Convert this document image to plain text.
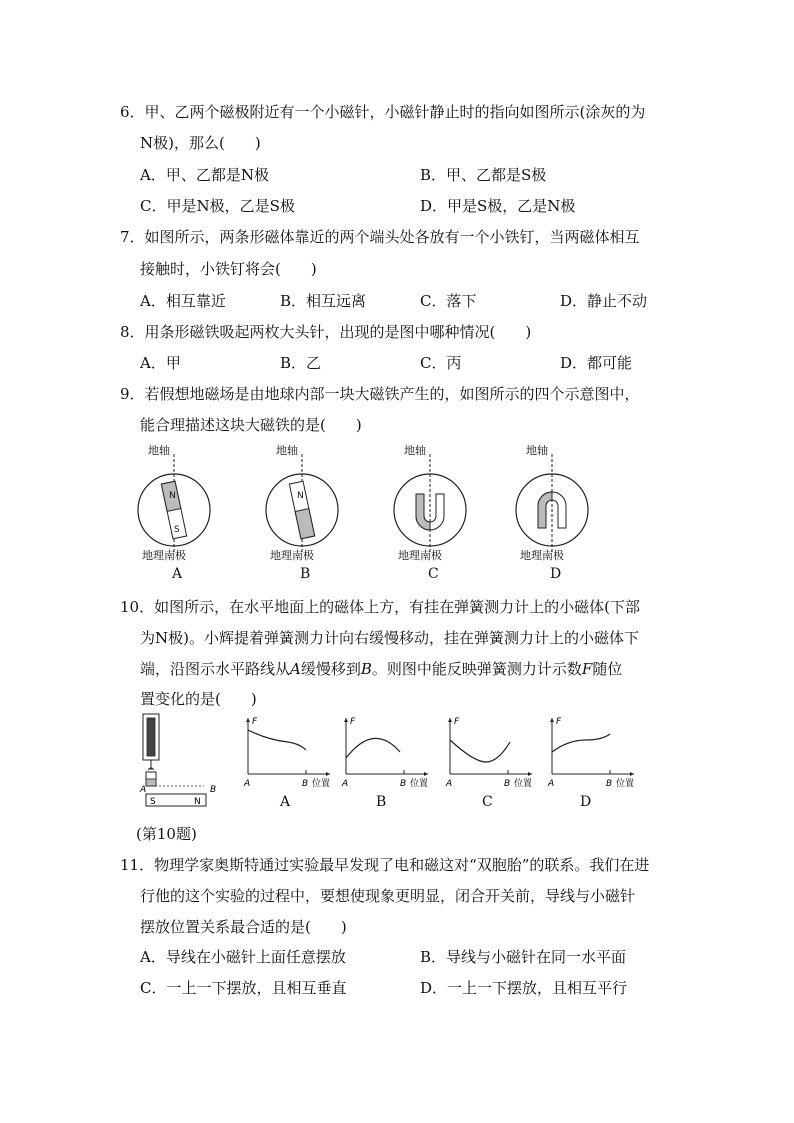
6．甲、乙两个磁极附近有一个小磁针，小磁针静止时的指向如图所示(涂灰的为
N极)，那么(　　)
A．甲、乙都是N极	B．甲、乙都是S极
C．甲是N极，乙是S极	D．甲是S极，乙是N极
7．如图所示，两条形磁体靠近的两个端头处各放有一个小铁钉，当两磁体相互
接触时，小铁钉将会(　　)
A．相互靠近	B．相互远离	C．落下	D．静止不动
8．用条形磁铁吸起两枚大头针，出现的是图中哪种情况(　　)
A．甲	B．乙	C．丙	D．都可能
9．若假想地磁场是由地球内部一块大磁铁产生的，如图所示的四个示意图中，
能合理描述这块大磁铁的是(　　)
地轴
N
S
地理南极
A
地轴
N
地理南极
B
地轴
地理南极
C
地轴
地理南极
D
10．如图所示，在水平地面上的磁体上方，有挂在弹簧测力计上的小磁体(下部
为N极)。小辉提着弹簧测力计向右缓慢移动，挂在弹簧测力计上的小磁体下
端，沿图示水平路线从A缓慢移到B。则图中能反映弹簧测力计示数F随位
置变化的是(　　)
A	B
S	N
F
A	B 位置
A
F
A	B 位置
B
F
A	B 位置
C
F
A	B 位置
D
(第10题)
11．物理学家奥斯特通过实验最早发现了电和磁这对“双胞胎”的联系。我们在进
行他的这个实验的过程中，要想使现象更明显，闭合开关前，导线与小磁针
摆放位置关系最合适的是(　　)
A．导线在小磁针上面任意摆放	B．导线与小磁针在同一水平面
C．一上一下摆放，且相互垂直	D．一上一下摆放，且相互平行
